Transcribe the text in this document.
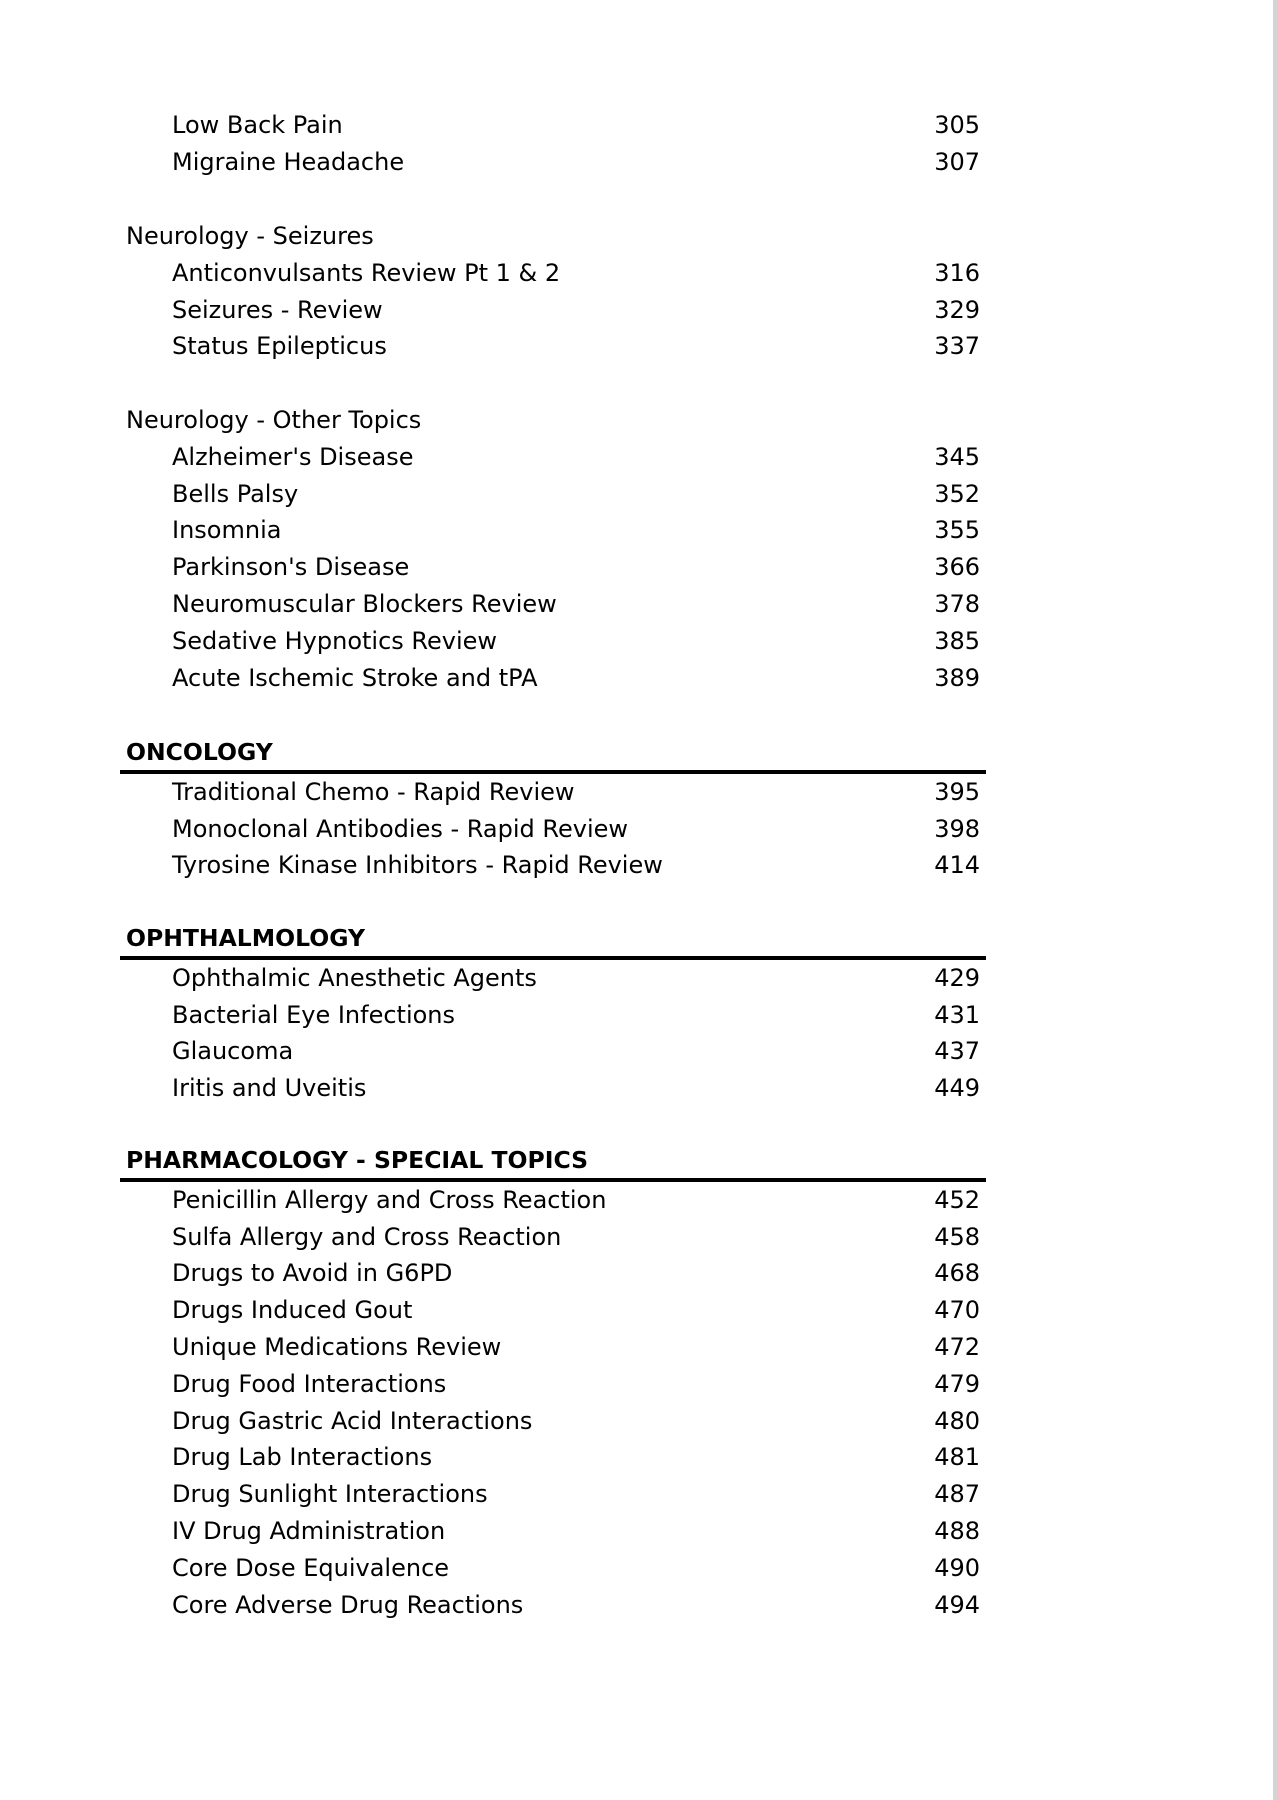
Low Back Pain	305
Migraine Headache	307
Neurology - Seizures
Anticonvulsants Review Pt 1 & 2	316
Seizures - Review	329
Status Epilepticus	337
Neurology - Other Topics
Alzheimer's Disease	345
Bells Palsy	352
Insomnia	355
Parkinson's Disease	366
Neuromuscular Blockers Review	378
Sedative Hypnotics Review	385
Acute Ischemic Stroke and tPA	389
ONCOLOGY
Traditional Chemo - Rapid Review	395
Monoclonal Antibodies - Rapid Review	398
Tyrosine Kinase Inhibitors - Rapid Review	414
OPHTHALMOLOGY
Ophthalmic Anesthetic Agents	429
Bacterial Eye Infections	431
Glaucoma	437
Iritis and Uveitis	449
PHARMACOLOGY - SPECIAL TOPICS
Penicillin Allergy and Cross Reaction	452
Sulfa Allergy and Cross Reaction	458
Drugs to Avoid in G6PD	468
Drugs Induced Gout	470
Unique Medications Review	472
Drug Food Interactions	479
Drug Gastric Acid Interactions	480
Drug Lab Interactions	481
Drug Sunlight Interactions	487
IV Drug Administration	488
Core Dose Equivalence	490
Core Adverse Drug Reactions	494
